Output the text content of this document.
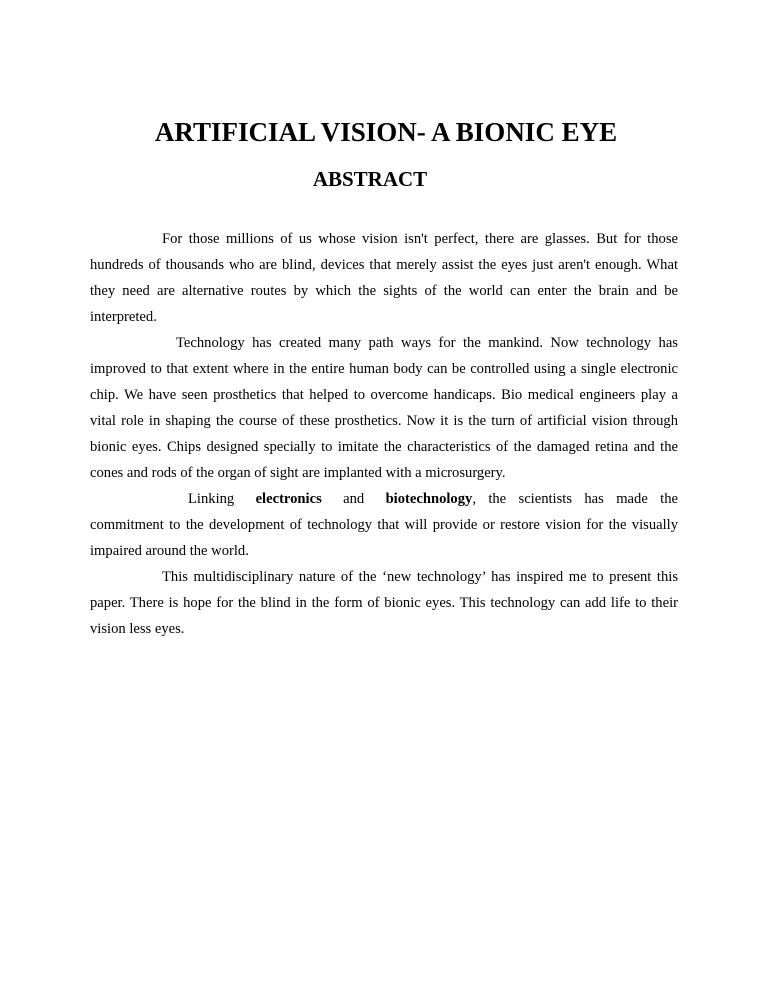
ARTIFICIAL VISION- A BIONIC EYE
ABSTRACT

For those millions of us whose vision isn't perfect, there are glasses. But for those hundreds of thousands who are blind, devices that merely assist the eyes just aren't enough. What they need are alternative routes by which the sights of the world can enter the brain and be interpreted.

Technology has created many path ways for the mankind. Now technology has improved to that extent where in the entire human body can be controlled using a single electronic chip. We have seen prosthetics that helped to overcome handicaps. Bio medical engineers play a vital role in shaping the course of these prosthetics. Now it is the turn of artificial vision through bionic eyes. Chips designed specially to imitate the characteristics of the damaged retina and the cones and rods of the organ of sight are implanted with a microsurgery.

Linking electronics and biotechnology, the scientists has made the commitment to the development of technology that will provide or restore vision for the visually impaired around the world.

This multidisciplinary nature of the ‘new technology’ has inspired me to present this paper. There is hope for the blind in the form of bionic eyes. This technology can add life to their vision less eyes.
